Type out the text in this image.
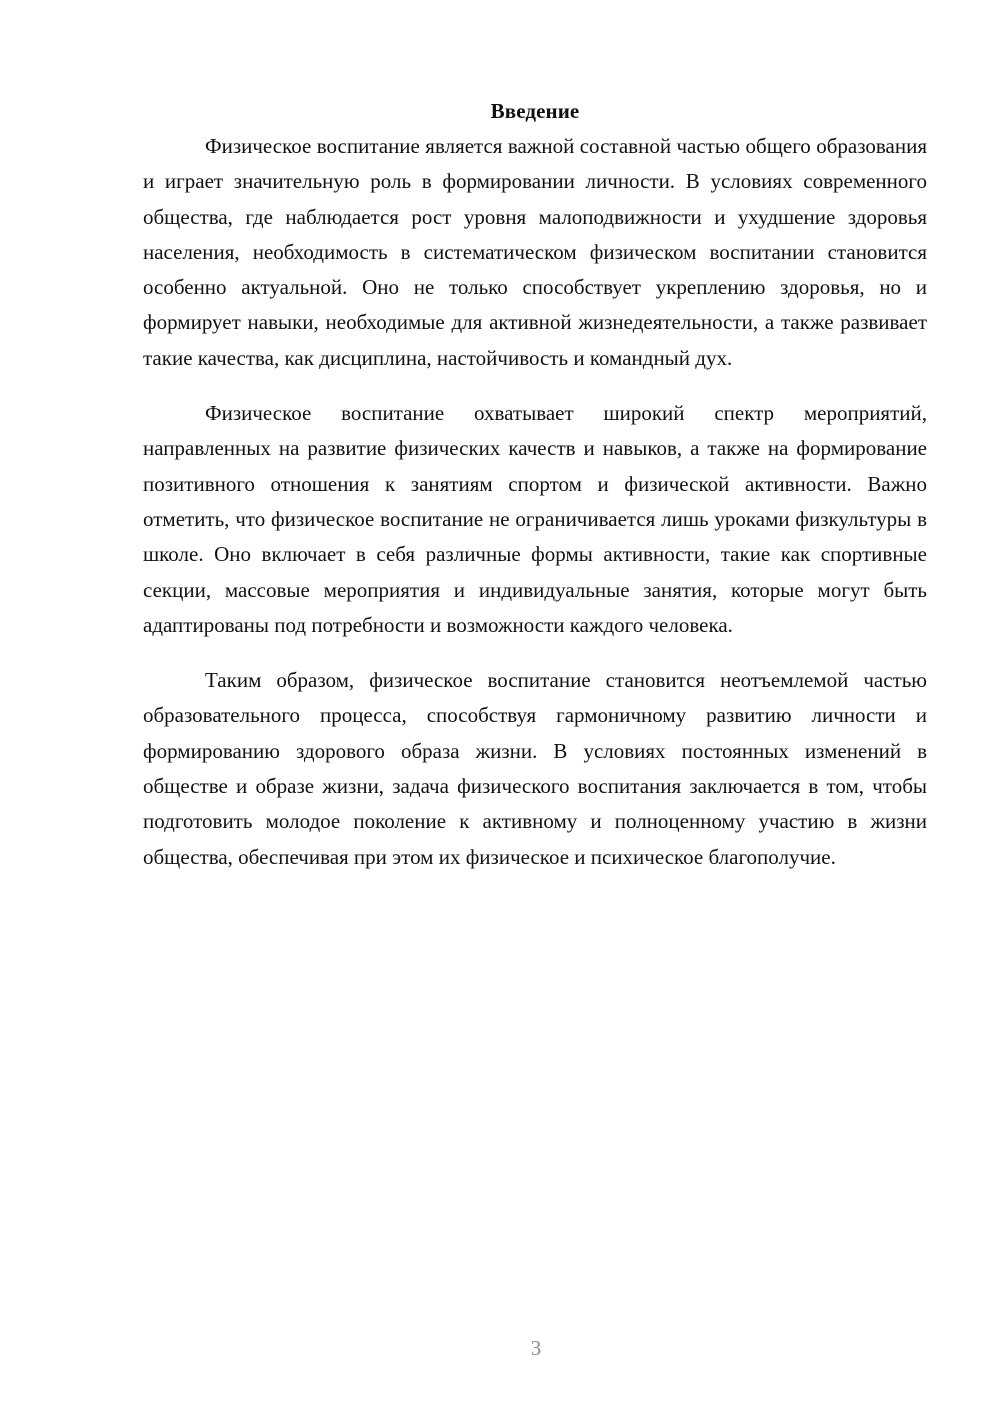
Введение

Физическое воспитание является важной составной частью общего образования и играет значительную роль в формировании личности. В условиях современного общества, где наблюдается рост уровня малоподвижности и ухудшение здоровья населения, необходимость в систематическом физическом воспитании становится особенно актуальной. Оно не только способствует укреплению здоровья, но и формирует навыки, необходимые для активной жизнедеятельности, а также развивает такие качества, как дисциплина, настойчивость и командный дух.

Физическое воспитание охватывает широкий спектр мероприятий, направленных на развитие физических качеств и навыков, а также на формирование позитивного отношения к занятиям спортом и физической активности. Важно отметить, что физическое воспитание не ограничивается лишь уроками физкультуры в школе. Оно включает в себя различные формы активности, такие как спортивные секции, массовые мероприятия и индивидуальные занятия, которые могут быть адаптированы под потребности и возможности каждого человека.

Таким образом, физическое воспитание становится неотъемлемой частью образовательного процесса, способствуя гармоничному развитию личности и формированию здорового образа жизни. В условиях постоянных изменений в обществе и образе жизни, задача физического воспитания заключается в том, чтобы подготовить молодое поколение к активному и полноценному участию в жизни общества, обеспечивая при этом их физическое и психическое благополучие.

3
